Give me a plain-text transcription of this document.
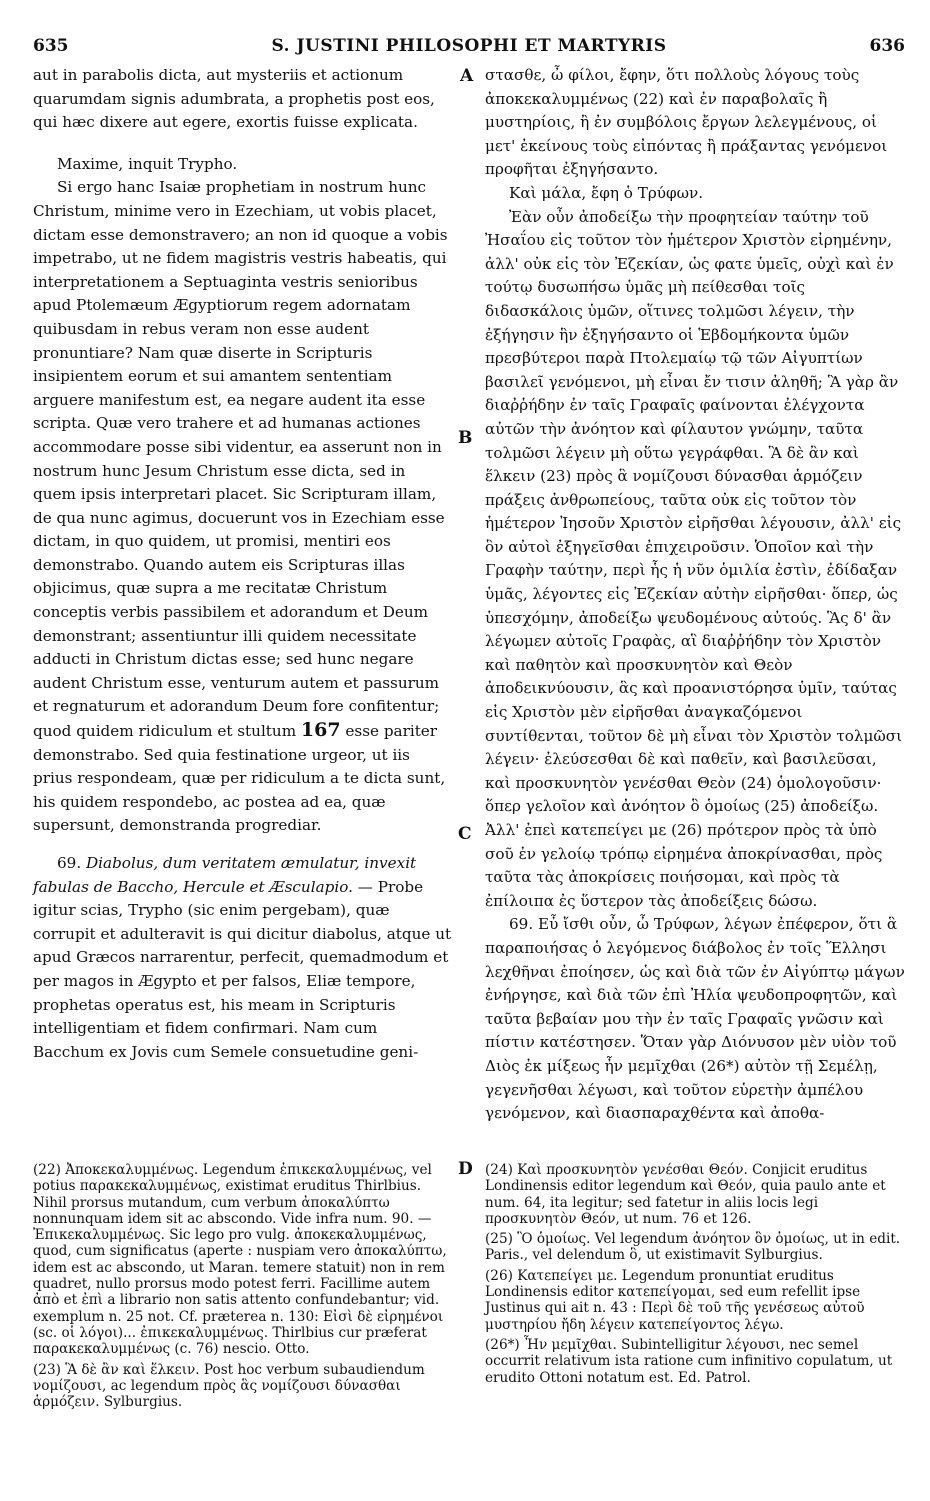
635	S. JUSTINI PHILOSOPHI ET MARTYRIS	636
A
B
C
D

aut in parabolis dicta, aut mysteriis et actionum quarumdam signis adumbrata, a prophetis post eos, qui hæc dixere aut egere, exortis fuisse explicata.

Maxime, inquit Trypho.

Si ergo hanc Isaiæ prophetiam in nostrum hunc Christum, minime vero in Ezechiam, ut vobis placet, dictam esse demonstravero; an non id quoque a vobis impetrabo, ut ne fidem magistris vestris habeatis, qui interpretationem a Septuaginta vestris senioribus apud Ptolemæum Ægyptiorum regem adornatam quibusdam in rebus veram non esse audent pronuntiare? Nam quæ diserte in Scripturis insipientem eorum et sui amantem sententiam arguere manifestum est, ea negare audent ita esse scripta. Quæ vero trahere et ad humanas actiones accommodare posse sibi videntur, ea asserunt non in nostrum hunc Jesum Christum esse dicta, sed in quem ipsis interpretari placet. Sic Scripturam illam, de qua nunc agimus, docuerunt vos in Ezechiam esse dictam, in quo quidem, ut promisi, mentiri eos demonstrabo. Quando autem eis Scripturas illas objicimus, quæ supra a me recitatæ Christum conceptis verbis passibilem et adorandum et Deum demonstrant; assentiuntur illi quidem necessitate adducti in Christum dictas esse; sed hunc negare audent Christum esse, venturum autem et passurum et regnaturum et adorandum Deum fore confitentur; quod quidem ridiculum et stultum 167 esse pariter demonstrabo. Sed quia festinatione urgeor, ut iis prius respondeam, quæ per ridiculum a te dicta sunt, his quidem respondebo, ac postea ad ea, quæ supersunt, demonstranda progrediar.

69. Diabolus, dum veritatem æmulatur, invexit fabulas de Baccho, Hercule et Æsculapio. — Probe igitur scias, Trypho (sic enim pergebam), quæ corrupit et adulteravit is qui dicitur diabolus, atque ut apud Græcos narrarentur, perfecit, quemadmodum et per magos in Ægypto et per falsos, Eliæ tempore, prophetas operatus est, his meam in Scripturis intelligentiam et fidem confirmari. Nam cum Bacchum ex Jovis cum Semele consuetudine geni-

στασθε, ὦ φίλοι, ἔφην, ὅτι πολλοὺς λόγους τοὺς ἀποκεκαλυμμένως (22) καὶ ἐν παραβολαῖς ἢ μυστηρίοις, ἢ ἐν συμβόλοις ἔργων λελεγμένους, οἱ μετ' ἐκείνους τοὺς εἰπόντας ἢ πράξαντας γενόμενοι προφῆται ἐξηγήσαντο.

Καὶ μάλα, ἔφη ὁ Τρύφων.

Ἐὰν οὖν ἀποδείξω τὴν προφητείαν ταύτην τοῦ Ἠσαΐου εἰς τοῦτον τὸν ἡμέτερον Χριστὸν εἰρημένην, ἀλλ' οὐκ εἰς τὸν Ἐζεκίαν, ὡς φατε ὑμεῖς, οὐχὶ καὶ ἐν τούτῳ δυσωπήσω ὑμᾶς μὴ πείθεσθαι τοῖς διδασκάλοις ὑμῶν, οἵτινες τολμῶσι λέγειν, τὴν ἐξήγησιν ἣν ἐξηγήσαντο οἱ Ἑβδομήκοντα ὑμῶν πρεσβύτεροι παρὰ Πτολεμαίῳ τῷ τῶν Αἰγυπτίων βασιλεῖ γενόμενοι, μὴ εἶναι ἔν τισιν ἀληθῆ; Ἃ γὰρ ἂν διαῤῥήδην ἐν ταῖς Γραφαῖς φαίνονται ἐλέγχοντα αὐτῶν τὴν ἀνόητον καὶ φίλαυτον γνώμην, ταῦτα τολμῶσι λέγειν μὴ οὕτω γεγράφθαι. Ἃ δὲ ἂν καὶ ἕλκειν (23) πρὸς ἃ νομίζουσι δύνασθαι ἁρμόζειν πράξεις ἀνθρωπείους, ταῦτα οὐκ εἰς τοῦτον τὸν ἡμέτερον Ἰησοῦν Χριστὸν εἰρῆσθαι λέγουσιν, ἀλλ' εἰς ὃν αὐτοὶ ἐξηγεῖσθαι ἐπιχειροῦσιν. Ὁποῖον καὶ τὴν Γραφὴν ταύτην, περὶ ἧς ἡ νῦν ὁμιλία ἐστὶν, ἐδίδαξαν ὑμᾶς, λέγοντες εἰς Ἐζεκίαν αὐτὴν εἰρῆσθαι· ὅπερ, ὡς ὑπεσχόμην, ἀποδείξω ψευδομένους αὐτούς. Ἃς δ' ἂν λέγωμεν αὐτοῖς Γραφὰς, αἳ διαῤῥήδην τὸν Χριστὸν καὶ παθητὸν καὶ προσκυνητὸν καὶ Θεὸν ἀποδεικνύουσιν, ἃς καὶ προανιστόρησα ὑμῖν, ταύτας εἰς Χριστὸν μὲν εἰρῆσθαι ἀναγκαζόμενοι συντίθενται, τοῦτον δὲ μὴ εἶναι τὸν Χριστὸν τολμῶσι λέγειν· ἐλεύσεσθαι δὲ καὶ παθεῖν, καὶ βασιλεῦσαι, καὶ προσκυνητὸν γενέσθαι Θεὸν (24) ὁμολογοῦσιν· ὅπερ γελοῖον καὶ ἀνόητον ὃ ὁμοίως (25) ἀποδείξω. Ἀλλ' ἐπεὶ κατεπείγει με (26) πρότερον πρὸς τὰ ὑπὸ σοῦ ἐν γελοίῳ τρόπῳ εἰρημένα ἀποκρίνασθαι, πρὸς ταῦτα τὰς ἀποκρίσεις ποιήσομαι, καὶ πρὸς τὰ ἐπίλοιπα ἐς ὕστερον τὰς ἀποδείξεις δώσω.

69. Εὖ ἴσθι οὖν, ὦ Τρύφων, λέγων ἐπέφερον, ὅτι ἃ παραποιήσας ὁ λεγόμενος διάβολος ἐν τοῖς Ἕλλησι λεχθῆναι ἐποίησεν, ὡς καὶ διὰ τῶν ἐν Αἰγύπτῳ μάγων ἐνήργησε, καὶ διὰ τῶν ἐπὶ Ἠλία ψευδοπροφητῶν, καὶ ταῦτα βεβαίαν μου τὴν ἐν ταῖς Γραφαῖς γνῶσιν καὶ πίστιν κατέστησεν. Ὅταν γὰρ Διόνυσον μὲν υἱὸν τοῦ Διὸς ἐκ μίξεως ἦν μεμῖχθαι (26*) αὐτὸν τῇ Σεμέλῃ, γεγενῆσθαι λέγωσι, καὶ τοῦτον εὑρετὴν ἀμπέλου γενόμενον, καὶ διασπαραχθέντα καὶ ἀποθα-

(22) Ἀποκεκαλυμμένως. Legendum ἐπικεκαλυμμένως, vel potius παρακεκαλυμμένως, existimat eruditus Thirlbius. Nihil prorsus mutandum, cum verbum ἀποκαλύπτω nonnunquam idem sit ac abscondo. Vide infra num. 90. — Ἐπικεκαλυμμένως. Sic lego pro vulg. ἀποκεκαλυμμένως, quod, cum significatus (aperte : nuspiam vero ἀποκαλύπτω, idem est ac abscondo, ut Maran. temere statuit) non in rem quadret, nullo prorsus modo potest ferri. Facillime autem ἀπὸ et ἐπὶ a librario non satis attento confundebantur; vid. exemplum n. 25 not. Cf. præterea n. 130: Εἰσὶ δὲ εἰρημένοι (sc. οἱ λόγοι)... ἐπικεκαλυμμένως. Thirlbius cur præferat παρακεκαλυμμένως (c. 76) nescio. Otto.

(23) Ἃ δὲ ἂν καὶ ἕλκειν. Post hoc verbum subaudiendum νομίζουσι, ac legendum πρὸς ἃς νομίζουσι δύνασθαι ἁρμόζειν. Sylburgius.

(24) Καὶ προσκυνητὸν γενέσθαι Θεόν. Conjicit eruditus Londinensis editor legendum καὶ Θεόν, quia paulo ante et num. 64, ita legitur; sed fatetur in aliis locis legi προσκυνητὸν Θεόν, ut num. 76 et 126.

(25) Ὃ ὁμοίως. Vel legendum ἀνόητον ὃν ὁμοίως, ut in edit. Paris., vel delendum ὃ, ut existimavit Sylburgius.

(26) Κατεπείγει με. Legendum pronuntiat eruditus Londinensis editor κατεπείγομαι, sed eum refellit ipse Justinus qui ait n. 43 : Περὶ δὲ τοῦ τῆς γενέσεως αὐτοῦ μυστηρίου ἤδη λέγειν κατεπείγοντος λέγω.

(26*) Ἦν μεμῖχθαι. Subintelligitur λέγουσι, nec semel occurrit relativum ista ratione cum infinitivo copulatum, ut erudito Ottoni notatum est. Ed. Patrol.
